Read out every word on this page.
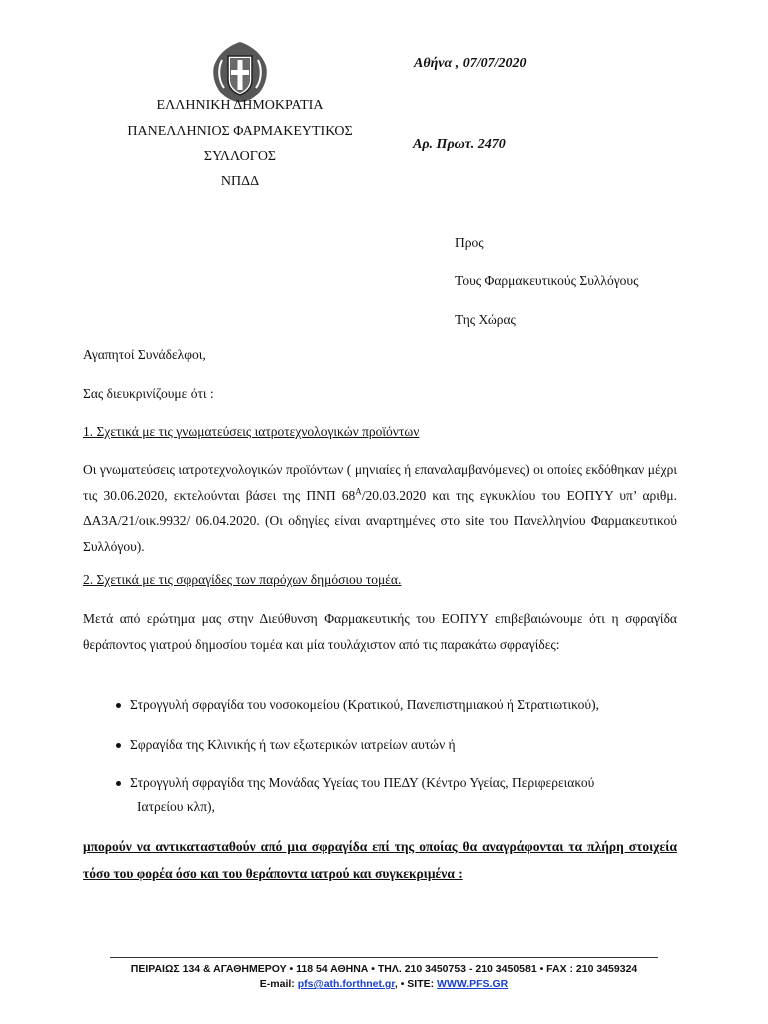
ΕΛΛΗΝΙΚΗ ΔΗΜΟΚΡΑΤΙΑ
ΠΑΝΕΛΛΗΝΙΟΣ ΦΑΡΜΑΚΕΥΤΙΚΟΣ
ΣΥΛΛΟΓΟΣ
ΝΠΔΔ
Αθήνα , 07/07/2020
Αρ. Πρωτ. 2470
Προς
Τους Φαρμακευτικούς Συλλόγους
Της Χώρας
Αγαπητοί Συνάδελφοι,
Σας διευκρινίζουμε ότι :
1. Σχετικά με τις γνωματεύσεις ιατροτεχνολογικών προϊόντων
Οι γνωματεύσεις ιατροτεχνολογικών προϊόντων ( μηνιαίες ή επαναλαμβανόμενες) οι οποίες εκδόθηκαν μέχρι τις 30.06.2020, εκτελούνται βάσει της ΠΝΠ $68^A/20.03.2020$ και της εγκυκλίου του ΕΟΠΥΥ υπ’ αριθμ. ΔΑ3Α/21/οικ.9932/ 06.04.2020. (Οι οδηγίες είναι αναρτημένες στο site του Πανελληνίου Φαρμακευτικού Συλλόγου).
2. Σχετικά με τις σφραγίδες των παρόχων δημόσιου τομέα.
Μετά από ερώτημα μας στην Διεύθυνση Φαρμακευτικής του ΕΟΠΥΥ επιβεβαιώνουμε ότι η σφραγίδα θεράποντος γιατρού δημοσίου τομέα και μία τουλάχιστον από τις παρακάτω σφραγίδες:
Στρογγυλή σφραγίδα του νοσοκομείου (Κρατικού, Πανεπιστημιακού ή Στρατιωτικού),
Σφραγίδα της Κλινικής ή των εξωτερικών ιατρείων αυτών ή
Στρογγυλή σφραγίδα της Μονάδας Υγείας του ΠΕΔΥ (Κέντρο Υγείας, Περιφερειακού
Ιατρείου κλπ),
μπορούν να αντικατασταθούν από μια σφραγίδα επί της οποίας θα αναγράφονται τα πλήρη στοιχεία τόσο του φορέα όσο και του θεράποντα ιατρού και συγκεκριμένα :
ΠΕΙΡΑΙΩΣ 134 & ΑΓΑΘΗΜΕΡΟΥ • 118 54 ΑΘΗΝΑ • ΤΗΛ. 210 3450753 - 210 3450581 • FAX : 210 3459324
E-mail: pfs@ath.forthnet.gr, • SITE: WWW.PFS.GR
